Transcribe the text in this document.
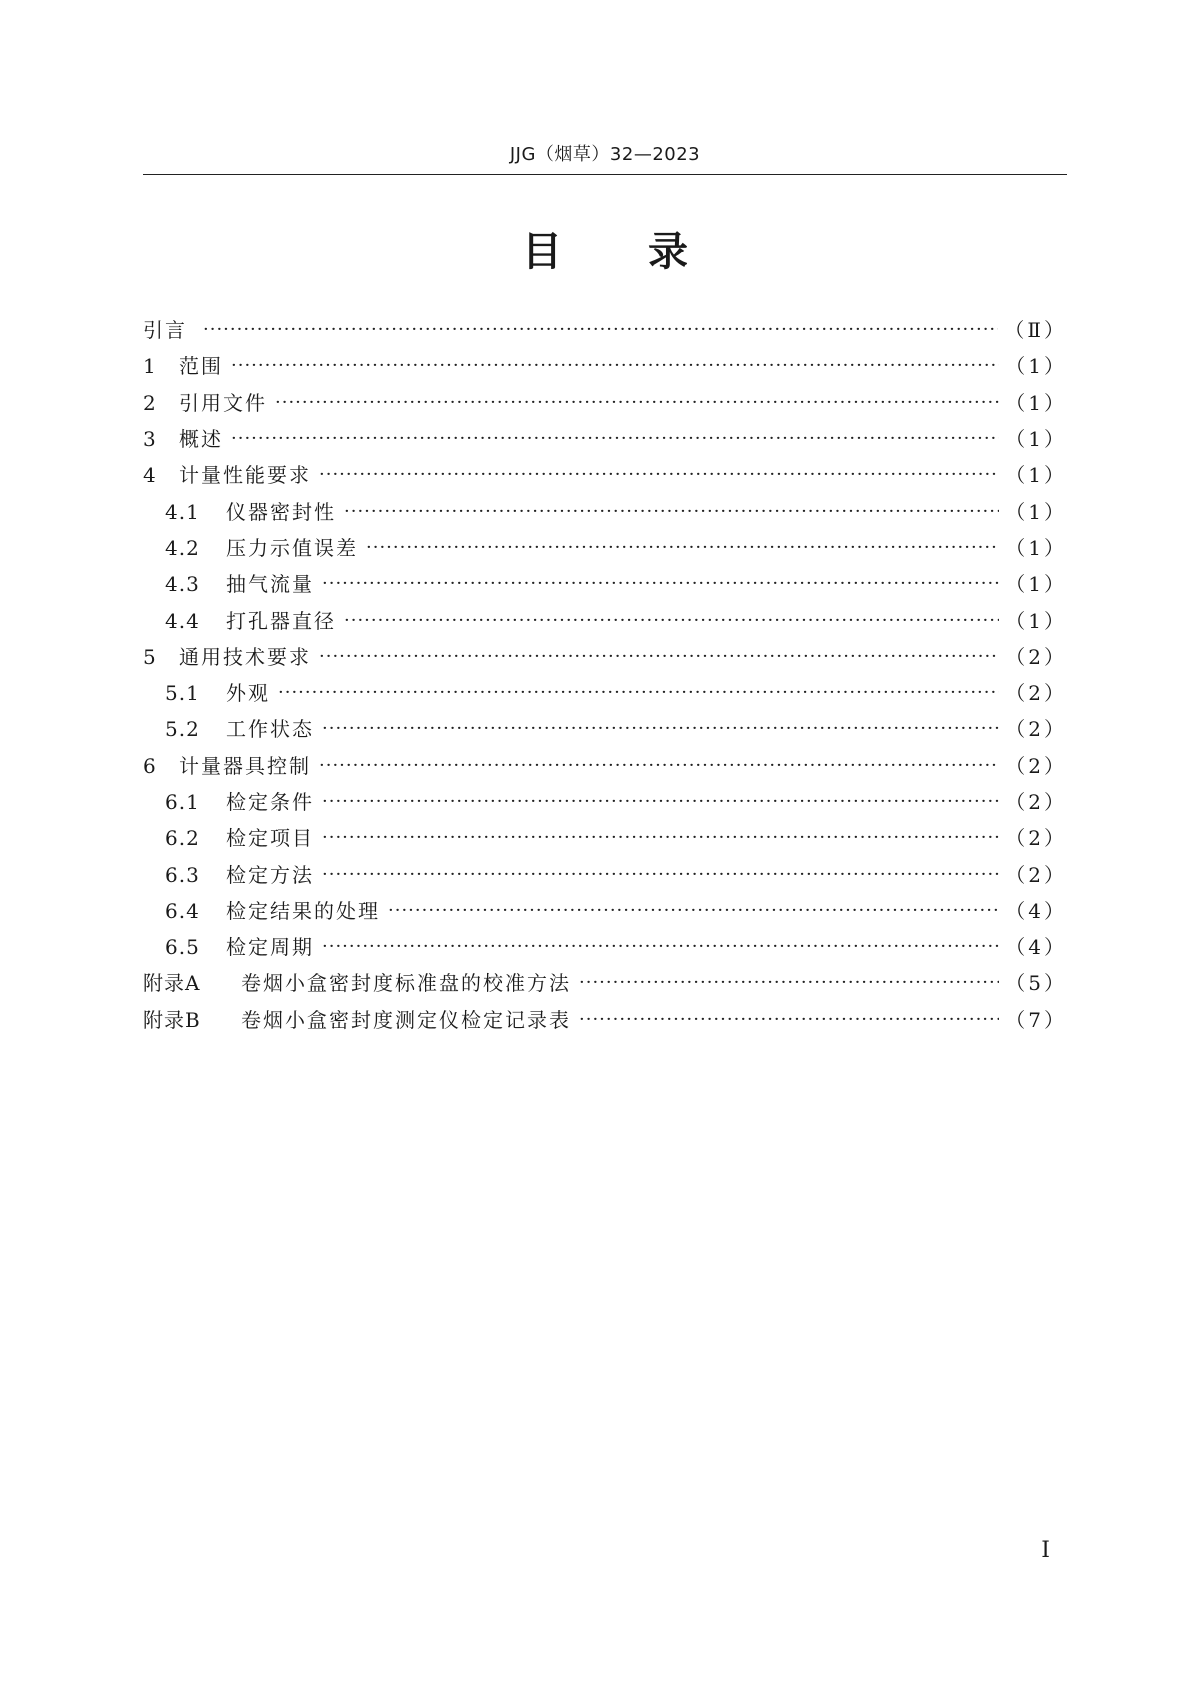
JJG（烟草）32—2023
目录
引言 ·····	（Ⅱ）
1	范围 ·····	（1）
2	引用文件 ·····	（1）
3	概述 ·····	（1）
4	计量性能要求 ·····	（1）
4.1	仪器密封性 ·····	（1）
4.2	压力示值误差 ·····	（1）
4.3	抽气流量 ·····	（1）
4.4	打孔器直径 ·····	（1）
5	通用技术要求 ·····	（2）
5.1	外观 ·····	（2）
5.2	工作状态 ·····	（2）
6	计量器具控制 ·····	（2）
6.1	检定条件 ·····	（2）
6.2	检定项目 ·····	（2）
6.3	检定方法 ·····	（2）
6.4	检定结果的处理 ·····	（4）
6.5	检定周期 ·····	（4）
附录A	卷烟小盒密封度标准盘的校准方法 ·····	（5）
附录B	卷烟小盒密封度测定仪检定记录表 ·····	（7）
Ⅰ
